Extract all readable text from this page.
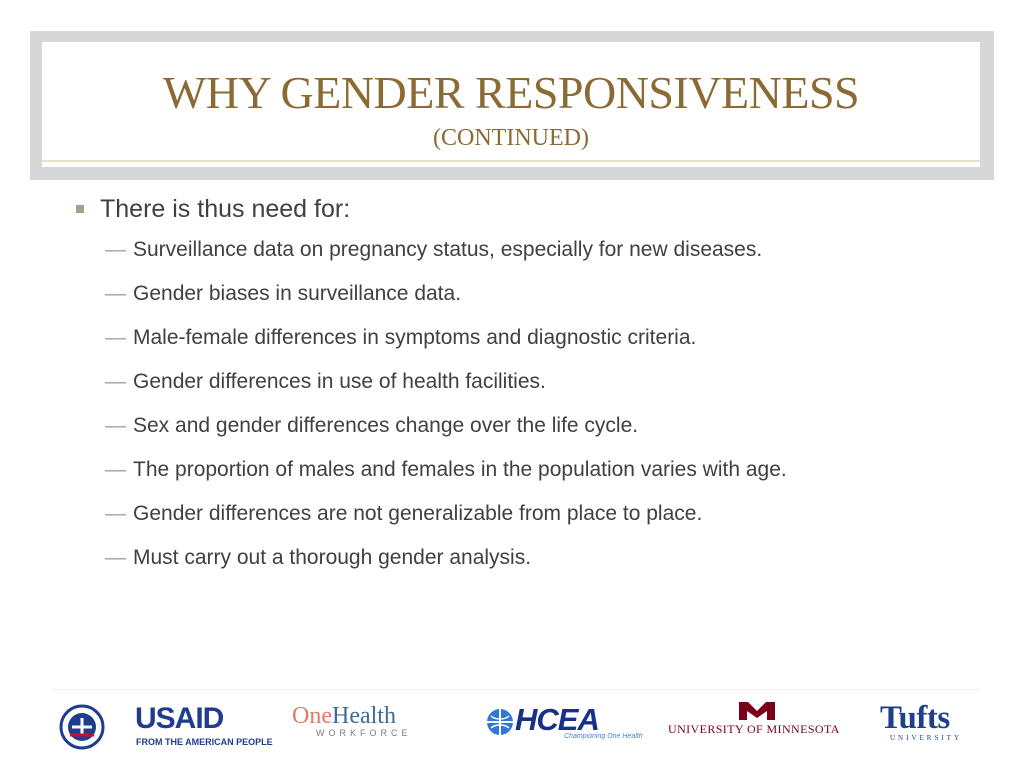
WHY GENDER RESPONSIVENESS
(CONTINUED)
There is thus need for:
— Surveillance data on pregnancy status, especially for new diseases.
— Gender biases in surveillance data.
— Male-female differences in symptoms and diagnostic criteria.
— Gender differences in use of health facilities.
— Sex and gender differences change over the life cycle.
— The proportion of males and females in the population varies with age.
— Gender differences are not generalizable from place to place.
— Must carry out a thorough gender analysis.
USAID
FROM THE AMERICAN PEOPLE
OneHealth
WORKFORCE	HCEA
Championing One Health
UNIVERSITY OF MINNESOTA Tufts
UNIVERSITY
